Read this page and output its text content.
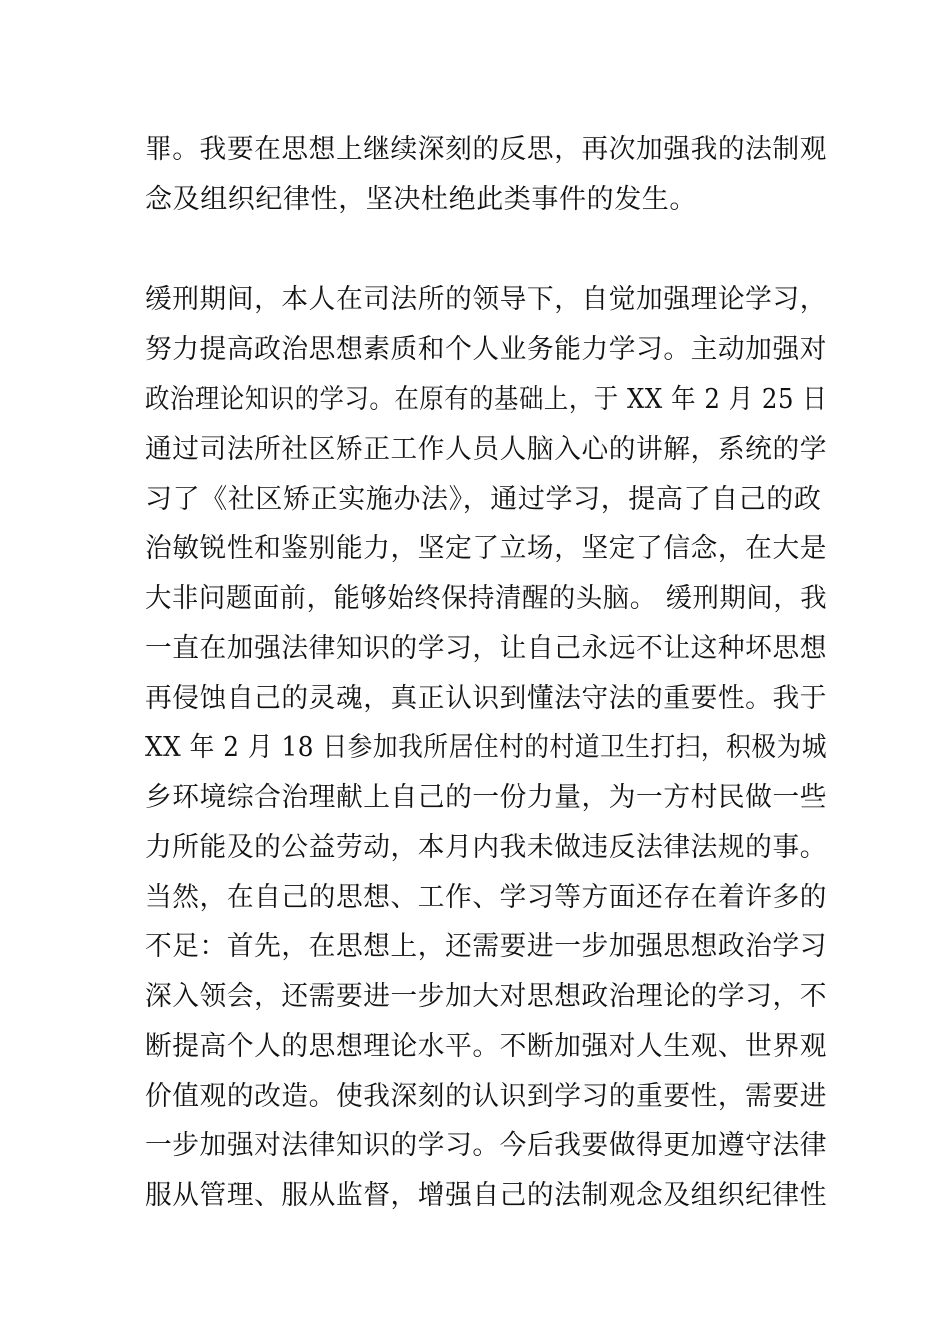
罪。我要在思想上继续深刻的反思，再次加强我的法制观
念及组织纪律性，坚决杜绝此类事件的发生。
缓刑期间，本人在司法所的领导下，自觉加强理论学习，
努力提高政治思想素质和个人业务能力学习。主动加强对
政治理论知识的学习。在原有的基础上，于 XX 年 2 月 25 日
通过司法所社区矫正工作人员人脑入心的讲解，系统的学
习了《社区矫正实施办法》，通过学习，提高了自己的政
治敏锐性和鉴别能力，坚定了立场，坚定了信念，在大是
大非问题面前，能够始终保持清醒的头脑。 缓刑期间，我
一直在加强法律知识的学习，让自己永远不让这种坏思想
再侵蚀自己的灵魂，真正认识到懂法守法的重要性。我于
XX 年 2 月 18 日参加我所居住村的村道卫生打扫，积极为城
乡环境综合治理献上自己的一份力量，为一方村民做一些
力所能及的公益劳动，本月内我未做违反法律法规的事。
当然，在自己的思想、工作、学习等方面还存在着许多的
不足：首先，在思想上，还需要进一步加强思想政治学习
深入领会，还需要进一步加大对思想政治理论的学习，不
断提高个人的思想理论水平。不断加强对人生观、世界观
价值观的改造。使我深刻的认识到学习的重要性，需要进
一步加强对法律知识的学习。今后我要做得更加遵守法律
服从管理、服从监督，增强自己的法制观念及组织纪律性
